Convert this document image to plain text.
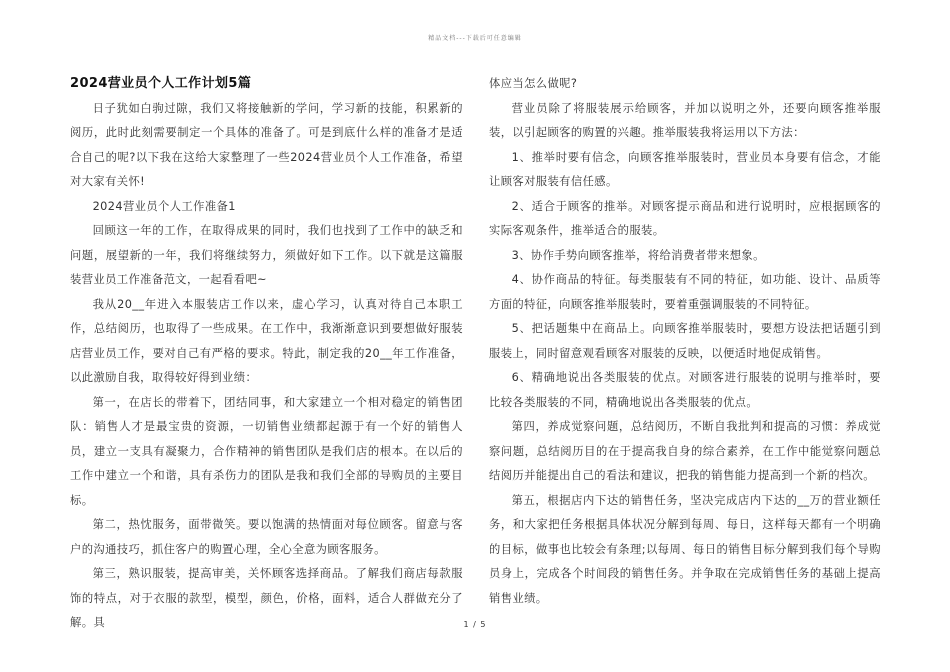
精品文档---下载后可任意编辑

2024营业员个人工作计划5篇

日子犹如白驹过隙，我们又将接触新的学问，学习新的技能，积累新的阅历，此时此刻需要制定一个具体的准备了。可是到底什么样的准备才是适合自己的呢?以下我在这给大家整理了一些2024营业员个人工作准备，希望对大家有关怀!

2024营业员个人工作准备1

回顾这一年的工作，在取得成果的同时，我们也找到了工作中的缺乏和问题，展望新的一年，我们将继续努力，须做好如下工作。以下就是这篇服装营业员工作准备范文，一起看看吧~

我从20__年进入本服装店工作以来，虚心学习，认真对待自己本职工作，总结阅历，也取得了一些成果。在工作中，我渐渐意识到要想做好服装店营业员工作，要对自己有严格的要求。特此，制定我的20__年工作准备，以此激励自我，取得较好得到业绩：

第一，在店长的带着下，团结同事，和大家建立一个相对稳定的销售团队：销售人才是最宝贵的资源，一切销售业绩都起源于有一个好的销售人员，建立一支具有凝聚力，合作精神的销售团队是我们店的根本。在以后的工作中建立一个和谐，具有杀伤力的团队是我和我们全部的导购员的主要目标。

第二，热忱服务，面带微笑。要以饱满的热情面对每位顾客。留意与客户的沟通技巧，抓住客户的购置心理，全心全意为顾客服务。

第三，熟识服装，提高审美，关怀顾客选择商品。了解我们商店每款服饰的特点，对于衣服的款型，模型，颜色，价格，面料，适合人群做充分了解。具

体应当怎么做呢?

营业员除了将服装展示给顾客，并加以说明之外，还要向顾客推举服装，以引起顾客的购置的兴趣。推举服装我将运用以下方法：

1、推举时要有信念，向顾客推举服装时，营业员本身要有信念，才能让顾客对服装有信任感。

2、适合于顾客的推举。对顾客提示商品和进行说明时，应根据顾客的实际客观条件，推举适合的服装。

3、协作手势向顾客推举，将给消费者带来想象。

4、协作商品的特征。每类服装有不同的特征，如功能、设计、品质等方面的特征，向顾客推举服装时，要着重强调服装的不同特征。

5、把话题集中在商品上。向顾客推举服装时，要想方设法把话题引到服装上，同时留意观看顾客对服装的反映，以便适时地促成销售。

6、精确地说出各类服装的优点。对顾客进行服装的说明与推举时，要比较各类服装的不同，精确地说出各类服装的优点。

第四，养成觉察问题，总结阅历，不断自我批判和提高的习惯：养成觉察问题，总结阅历目的在于提高我自身的综合素养，在工作中能觉察问题总结阅历并能提出自己的看法和建议，把我的销售能力提高到一个新的档次。

第五，根据店内下达的销售任务，坚决完成店内下达的__万的营业额任务，和大家把任务根据具体状况分解到每周、每日，这样每天都有一个明确的目标，做事也比较会有条理;以每周、每日的销售目标分解到我们每个导购员身上，完成各个时间段的销售任务。并争取在完成销售任务的基础上提高销售业绩。

1 / 5
